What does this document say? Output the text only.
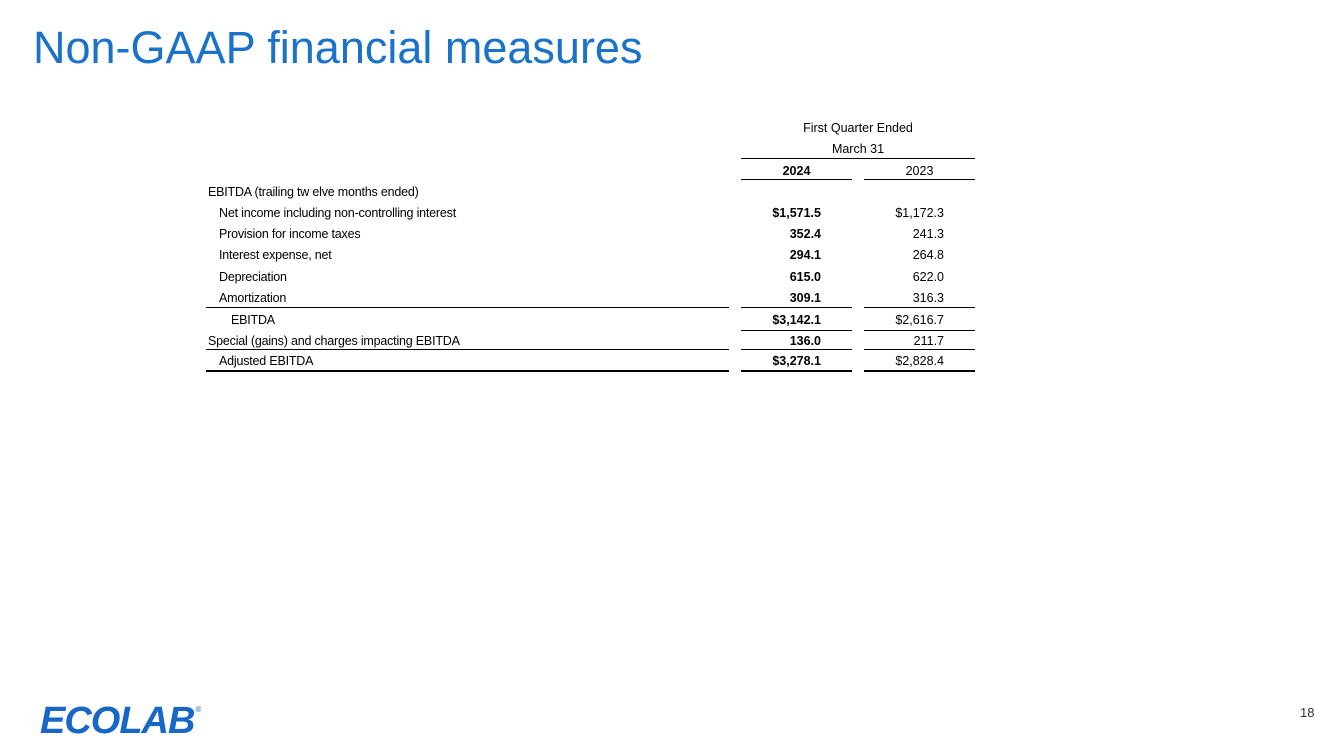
Non-GAAP financial measures
First Quarter Ended
March 31
2024	2023
EBITDA (trailing tw elve months ended)
Net income including non-controlling interest	$1,571.5	$1,172.3
Provision for income taxes	352.4	241.3
Interest expense, net	294.1	264.8
Depreciation	615.0	622.0
Amortization	309.1	316.3
EBITDA	$3,142.1	$2,616.7
Special (gains) and charges impacting EBITDA	136.0	211.7
Adjusted EBITDA	$3,278.1	$2,828.4
ECOLAB ®	18
